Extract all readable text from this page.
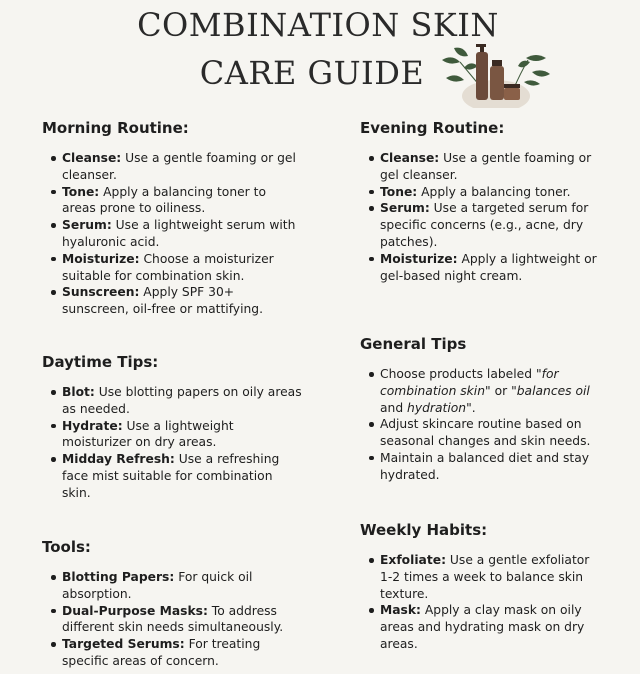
COMBINATION SKIN
CARE GUIDE
Morning Routine:
Cleanse: Use a gentle foaming or gel cleanser.
Tone: Apply a balancing toner to areas prone to oiliness.
Serum: Use a lightweight serum with hyaluronic acid.
Moisturize: Choose a moisturizer suitable for combination skin.
Sunscreen: Apply SPF 30+ sunscreen, oil-free or mattifying.
Daytime Tips:
Blot: Use blotting papers on oily areas as needed.
Hydrate: Use a lightweight moisturizer on dry areas.
Midday Refresh: Use a refreshing face mist suitable for combination skin.
Tools:
Blotting Papers: For quick oil absorption.
Dual-Purpose Masks: To address different skin needs simultaneously.
Targeted Serums: For treating specific areas of concern.
Evening Routine:
Cleanse: Use a gentle foaming or gel cleanser.
Tone: Apply a balancing toner.
Serum: Use a targeted serum for specific concerns (e.g., acne, dry patches).
Moisturize: Apply a lightweight or gel-based night cream.
General Tips
Choose products labeled "for combination skin" or "balances oil and hydration".
Adjust skincare routine based on seasonal changes and skin needs.
Maintain a balanced diet and stay hydrated.
Weekly Habits:
Exfoliate: Use a gentle exfoliator 1-2 times a week to balance skin texture.
Mask: Apply a clay mask on oily areas and hydrating mask on dry areas.
